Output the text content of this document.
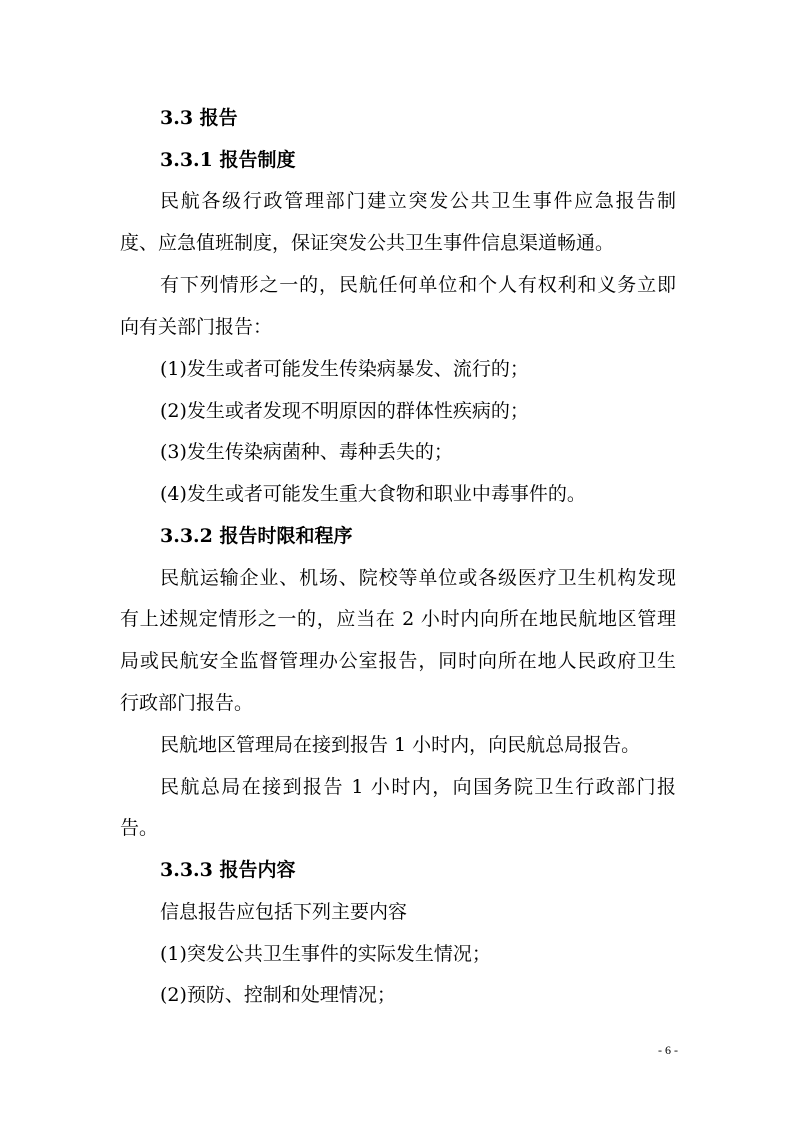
3.3 报告
3.3.1 报告制度
民航各级行政管理部门建立突发公共卫生事件应急报告制
度、应急值班制度，保证突发公共卫生事件信息渠道畅通。
有下列情形之一的，民航任何单位和个人有权利和义务立即
向有关部门报告：
(1)发生或者可能发生传染病暴发、流行的；
(2)发生或者发现不明原因的群体性疾病的；
(3)发生传染病菌种、毒种丢失的；
(4)发生或者可能发生重大食物和职业中毒事件的。
3.3.2 报告时限和程序
民航运输企业、机场、院校等单位或各级医疗卫生机构发现
有上述规定情形之一的，应当在 2 小时内向所在地民航地区管理
局或民航安全监督管理办公室报告，同时向所在地人民政府卫生
行政部门报告。
民航地区管理局在接到报告 1 小时内，向民航总局报告。
民航总局在接到报告 1 小时内，向国务院卫生行政部门报
告。
3.3.3 报告内容
信息报告应包括下列主要内容
(1)突发公共卫生事件的实际发生情况；
(2)预防、控制和处理情况；
- 6 -
